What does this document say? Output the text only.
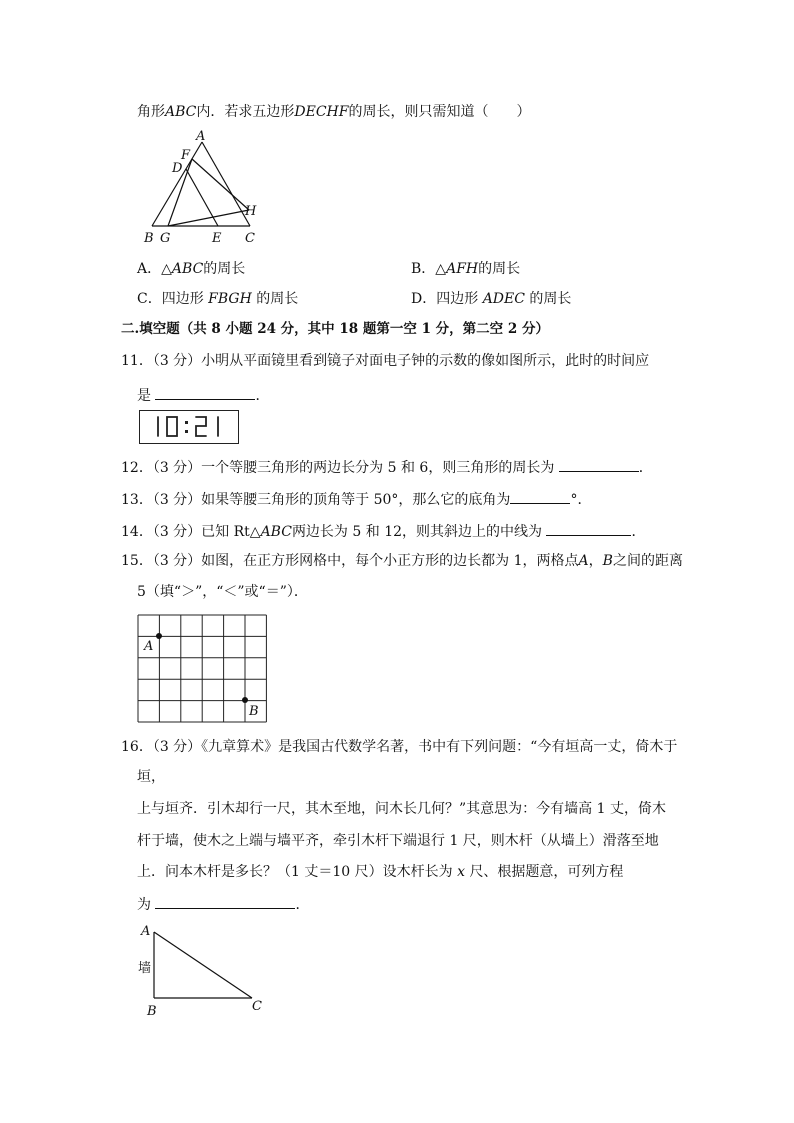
角形ABC内．若求五边形DECHF的周长，则只需知道（　　）
A
F
D
H
B G	E C
A．△ABC的周长	B．△AFH的周长
C．四边形 FBGH 的周长	D．四边形 ADEC 的周长
二.填空题（共 8 小题 24 分，其中 18 题第一空 1 分，第二空 2 分）
11．（3 分）小明从平面镜里看到镜子对面电子钟的示数的像如图所示，此时的时间应
是	．
12．（3 分）一个等腰三角形的两边长分为 5 和 6，则三角形的周长为	．
13．（3 分）如果等腰三角形的顶角等于 50°，那么它的底角为	°．
14．（3 分）已知 Rt△ABC两边长为 5 和 12，则其斜边上的中线为	．
15．（3 分）如图，在正方形网格中，每个小正方形的边长都为 1，两格点A，B之间的距离
5（填“＞”，“＜”或“＝”）．
A
B
16．（3 分）《九章算术》是我国古代数学名著，书中有下列问题：“今有垣高一丈，倚木于
垣，
上与垣齐．引木却行一尺，其木至地，问木长几何？”其意思为：今有墙高 1 丈，倚木
杆于墙，使木之上端与墙平齐，牵引木杆下端退行 1 尺，则木杆（从墙上）滑落至地
上．问本木杆是多长？（1 丈＝10 尺）设木杆长为 x 尺、根据题意，可列方程
为	．
A
墙
B	C
